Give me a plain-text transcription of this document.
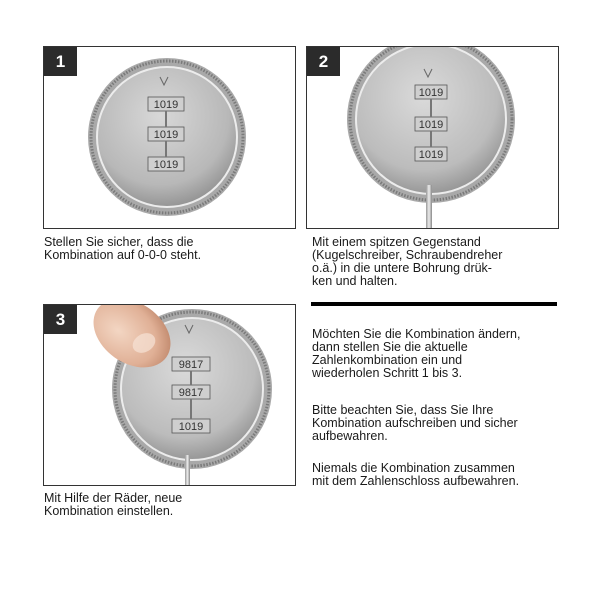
1
1019
1019
1019
Stellen Sie sicher, dass die
Kombination auf 0-0-0 steht.
2
1019
1019
1019
Mit einem spitzen Gegenstand
(Kugelschreiber, Schraubendreher
o.ä.) in die untere Bohrung drük-
ken und halten.
3
9817
9817
1019
Mit Hilfe der Räder, neue
Kombination einstellen.
Möchten Sie die Kombination ändern,
dann stellen Sie die aktuelle
Zahlenkombination ein und
wiederholen Schritt 1 bis 3.
Bitte beachten Sie, dass Sie Ihre
Kombination aufschreiben und sicher
aufbewahren.
Niemals die Kombination zusammen
mit dem Zahlenschloss aufbewahren.
